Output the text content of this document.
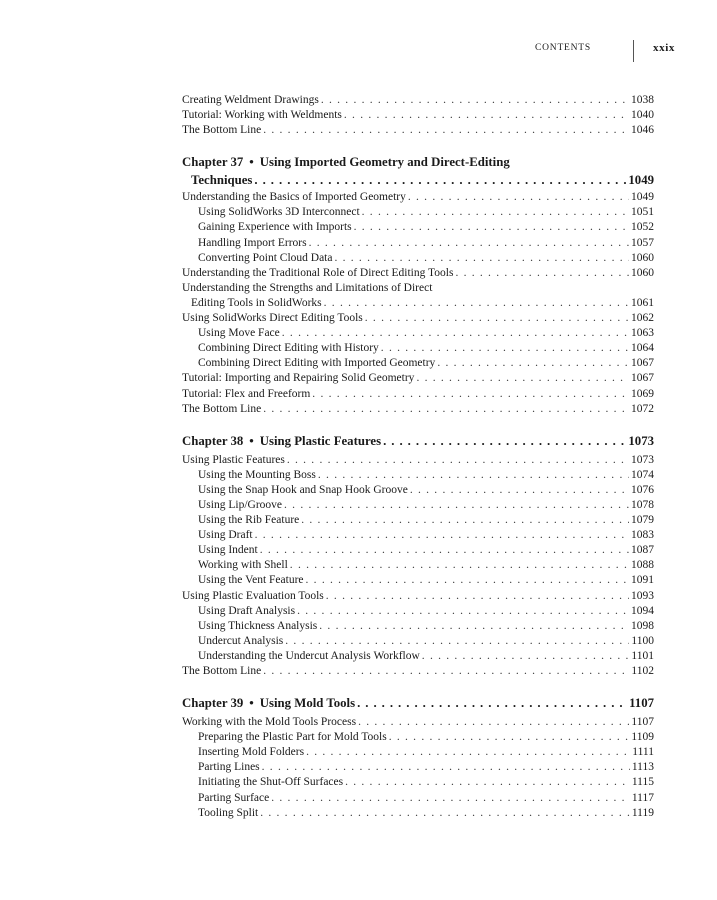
CONTENTS	xxix
Creating Weldment Drawings . . .	1038
Tutorial: Working with Weldments . . .	1040
The Bottom Line . . .	1046
Chapter 37 • Using Imported Geometry and Direct-Editing
Techniques . . .	1049
Understanding the Basics of Imported Geometry . . .	1049
Using SolidWorks 3D Interconnect . . .	1051
Gaining Experience with Imports . . .	1052
Handling Import Errors . . .	1057
Converting Point Cloud Data . . .	1060
Understanding the Traditional Role of Direct Editing Tools . . .	1060
Understanding the Strengths and Limitations of Direct
Editing Tools in SolidWorks . . .	1061
Using SolidWorks Direct Editing Tools . . .	1062
Using Move Face . . .	1063
Combining Direct Editing with History . . .	1064
Combining Direct Editing with Imported Geometry . . .	1067
Tutorial: Importing and Repairing Solid Geometry . . .	1067
Tutorial: Flex and Freeform . . .	1069
The Bottom Line . . .	1072
Chapter 38 • Using Plastic Features . . .	1073
Using Plastic Features . . .	1073
Using the Mounting Boss . . .	1074
Using the Snap Hook and Snap Hook Groove . . .	1076
Using Lip/Groove . . .	1078
Using the Rib Feature . . .	1079
Using Draft . . .	1083
Using Indent . . .	1087
Working with Shell . . .	1088
Using the Vent Feature . . .	1091
Using Plastic Evaluation Tools . . .	1093
Using Draft Analysis . . .	1094
Using Thickness Analysis . . .	1098
Undercut Analysis . . .	1100
Understanding the Undercut Analysis Workflow . . .	1101
The Bottom Line . . .	1102
Chapter 39 • Using Mold Tools . . .	1107
Working with the Mold Tools Process . . .	1107
Preparing the Plastic Part for Mold Tools . . .	1109
Inserting Mold Folders . . .	1111
Parting Lines . . .	1113
Initiating the Shut-Off Surfaces . . .	1115
Parting Surface . . .	1117
Tooling Split . . .	1119
